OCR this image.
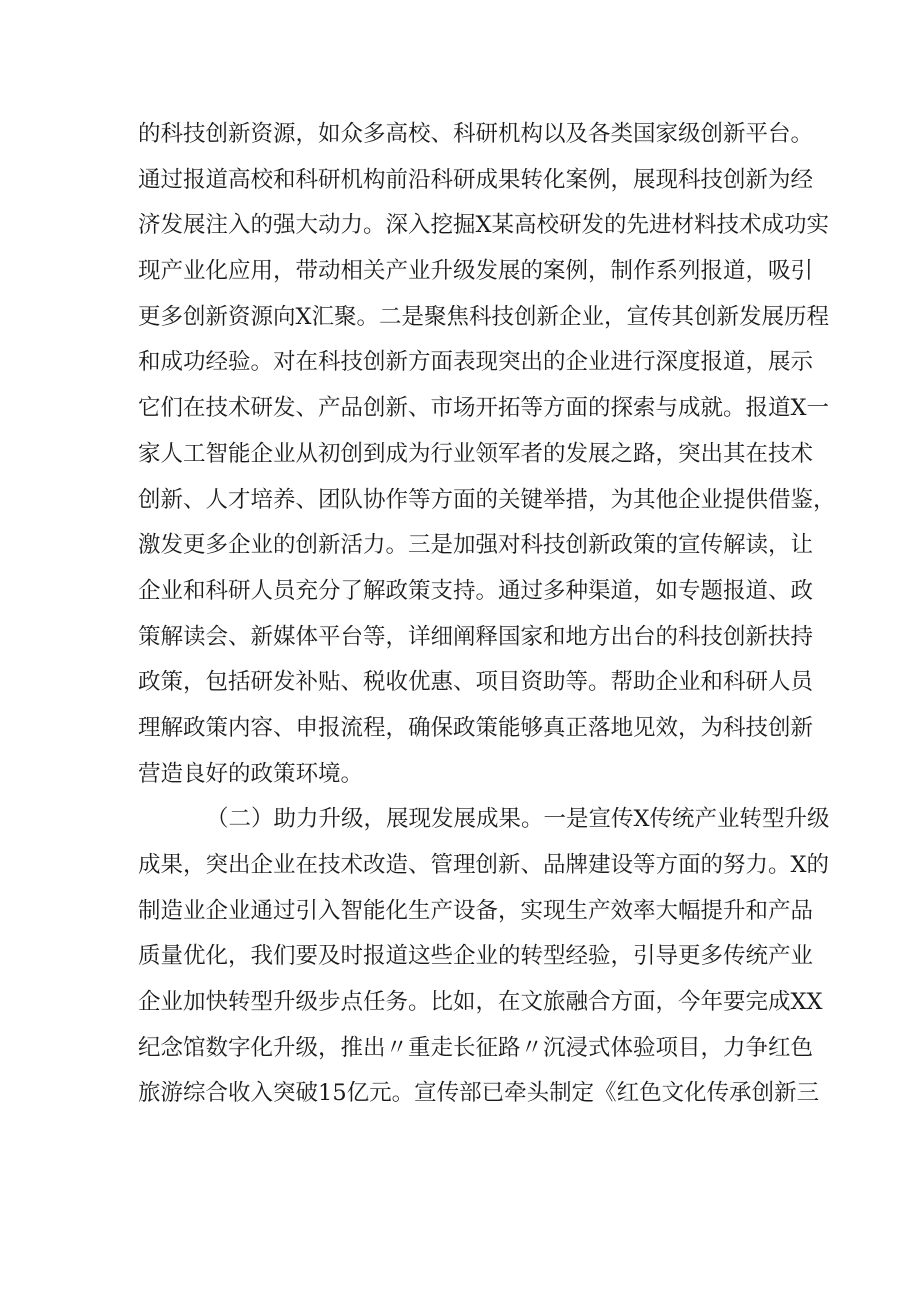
的科技创新资源，如众多高校、科研机构以及各类国家级创新平台。
通过报道高校和科研机构前沿科研成果转化案例，展现科技创新为经
济发展注入的强大动力。深入挖掘X某高校研发的先进材料技术成功实
现产业化应用，带动相关产业升级发展的案例，制作系列报道，吸引
更多创新资源向X汇聚。二是聚焦科技创新企业，宣传其创新发展历程
和成功经验。对在科技创新方面表现突出的企业进行深度报道，展示
它们在技术研发、产品创新、市场开拓等方面的探索与成就。报道X一
家人工智能企业从初创到成为行业领军者的发展之路，突出其在技术
创新、人才培养、团队协作等方面的关键举措，为其他企业提供借鉴，
激发更多企业的创新活力。三是加强对科技创新政策的宣传解读，让
企业和科研人员充分了解政策支持。通过多种渠道，如专题报道、政
策解读会、新媒体平台等，详细阐释国家和地方出台的科技创新扶持
政策，包括研发补贴、税收优惠、项目资助等。帮助企业和科研人员
理解政策内容、申报流程，确保政策能够真正落地见效，为科技创新
营造良好的政策环境。
（二）助力升级，展现发展成果。一是宣传X传统产业转型升级
成果，突出企业在技术改造、管理创新、品牌建设等方面的努力。X的
制造业企业通过引入智能化生产设备，实现生产效率大幅提升和产品
质量优化，我们要及时报道这些企业的转型经验，引导更多传统产业
企业加快转型升级步点任务。比如，在文旅融合方面，今年要完成XX
纪念馆数字化升级，推出〃重走长征路〃沉浸式体验项目，力争红色
旅游综合收入突破15亿元。宣传部已牵头制定《红色文化传承创新三
